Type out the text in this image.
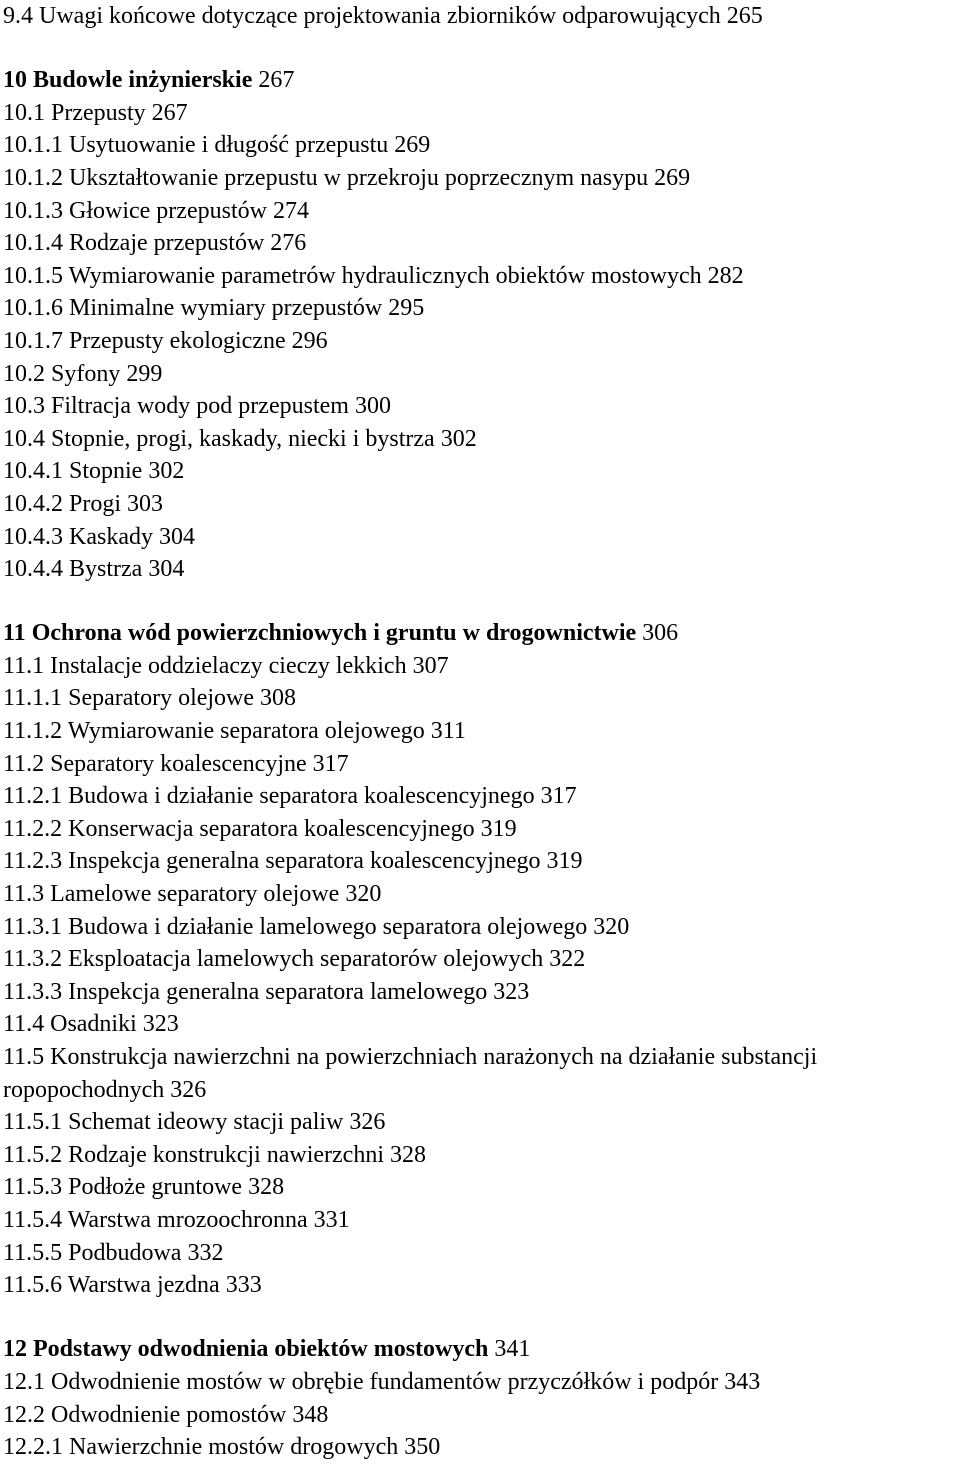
9.4 Uwagi końcowe dotyczące projektowania zbiorników odparowujących 265
10 Budowle inżynierskie 267
10.1 Przepusty 267
10.1.1 Usytuowanie i długość przepustu 269
10.1.2 Ukształtowanie przepustu w przekroju poprzecznym nasypu 269
10.1.3 Głowice przepustów 274
10.1.4 Rodzaje przepustów 276
10.1.5 Wymiarowanie parametrów hydraulicznych obiektów mostowych 282
10.1.6 Minimalne wymiary przepustów 295
10.1.7 Przepusty ekologiczne 296
10.2 Syfony 299
10.3 Filtracja wody pod przepustem 300
10.4 Stopnie, progi, kaskady, niecki i bystrza 302
10.4.1 Stopnie 302
10.4.2 Progi 303
10.4.3 Kaskady 304
10.4.4 Bystrza 304
11 Ochrona wód powierzchniowych i gruntu w drogownictwie 306
11.1 Instalacje oddzielaczy cieczy lekkich 307
11.1.1 Separatory olejowe 308
11.1.2 Wymiarowanie separatora olejowego 311
11.2 Separatory koalescencyjne 317
11.2.1 Budowa i działanie separatora koalescencyjnego 317
11.2.2 Konserwacja separatora koalescencyjnego 319
11.2.3 Inspekcja generalna separatora koalescencyjnego 319
11.3 Lamelowe separatory olejowe 320
11.3.1 Budowa i działanie lamelowego separatora olejowego 320
11.3.2 Eksploatacja lamelowych separatorów olejowych 322
11.3.3 Inspekcja generalna separatora lamelowego 323
11.4 Osadniki 323
11.5 Konstrukcja nawierzchni na powierzchniach narażonych na działanie substancji ropopochodnych 326
11.5.1 Schemat ideowy stacji paliw 326
11.5.2 Rodzaje konstrukcji nawierzchni 328
11.5.3 Podłoże gruntowe 328
11.5.4 Warstwa mrozoochronna 331
11.5.5 Podbudowa 332
11.5.6 Warstwa jezdna 333
12 Podstawy odwodnienia obiektów mostowych 341
12.1 Odwodnienie mostów w obrębie fundamentów przyczółków i podpór 343
12.2 Odwodnienie pomostów 348
12.2.1 Nawierzchnie mostów drogowych 350
